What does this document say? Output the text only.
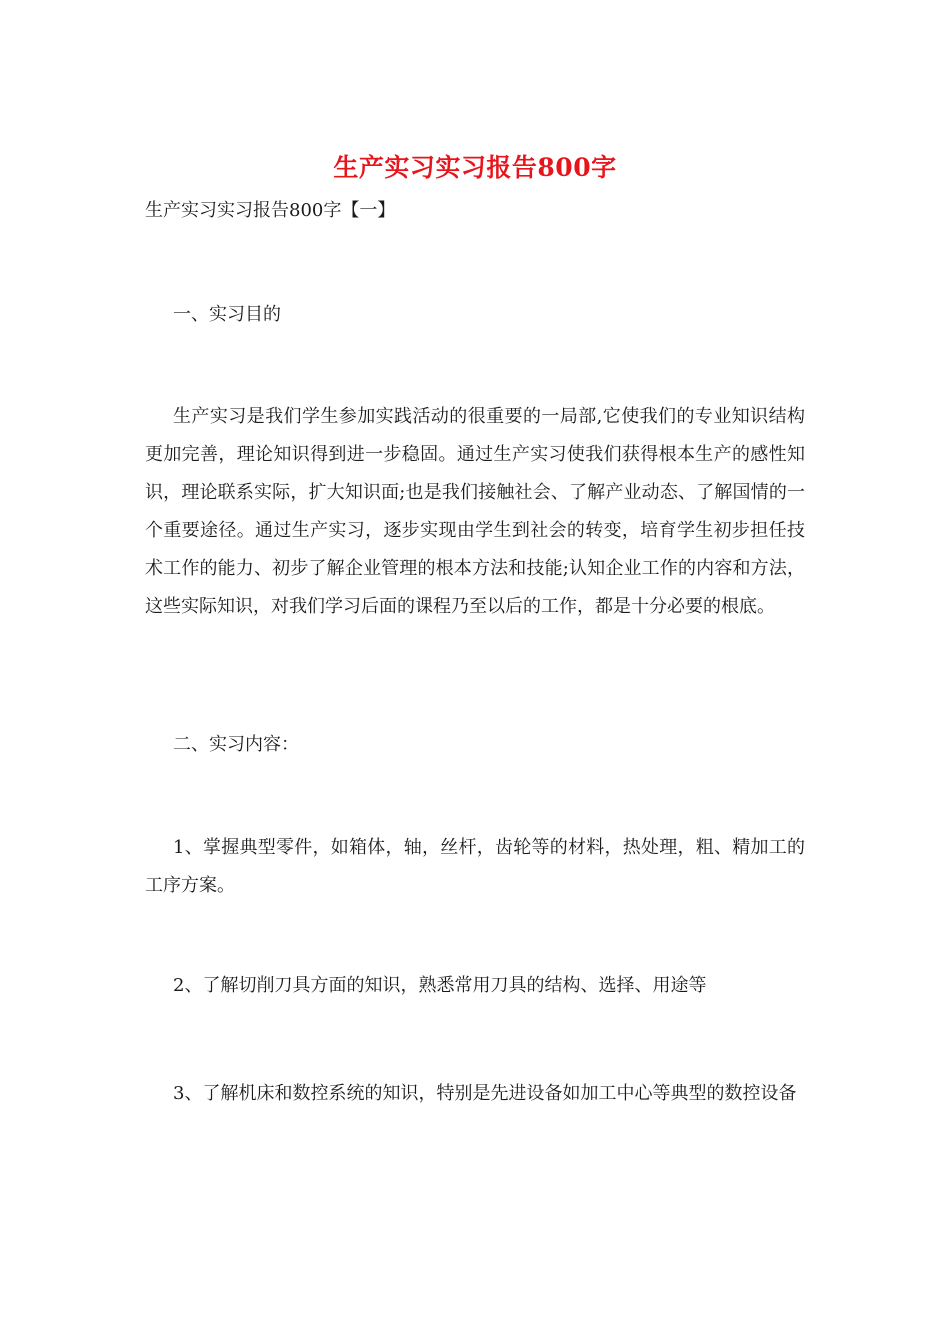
生产实习实习报告800字
生产实习实习报告800字【一】
一、实习目的
生产实习是我们学生参加实践活动的很重要的一局部,它使我们的专业知识结构更加完善，理论知识得到进一步稳固。通过生产实习使我们获得根本生产的感性知识，理论联系实际，扩大知识面;也是我们接触社会、了解产业动态、了解国情的一个重要途径。通过生产实习，逐步实现由学生到社会的转变，培育学生初步担任技术工作的能力、初步了解企业管理的根本方法和技能;认知企业工作的内容和方法，这些实际知识，对我们学习后面的课程乃至以后的工作，都是十分必要的根底。
二、实习内容：
1、掌握典型零件，如箱体，轴，丝杆，齿轮等的材料，热处理，粗、精加工的工序方案。
2、了解切削刀具方面的知识，熟悉常用刀具的结构、选择、用途等
3、了解机床和数控系统的知识，特别是先进设备如加工中心等典型的数控设备
